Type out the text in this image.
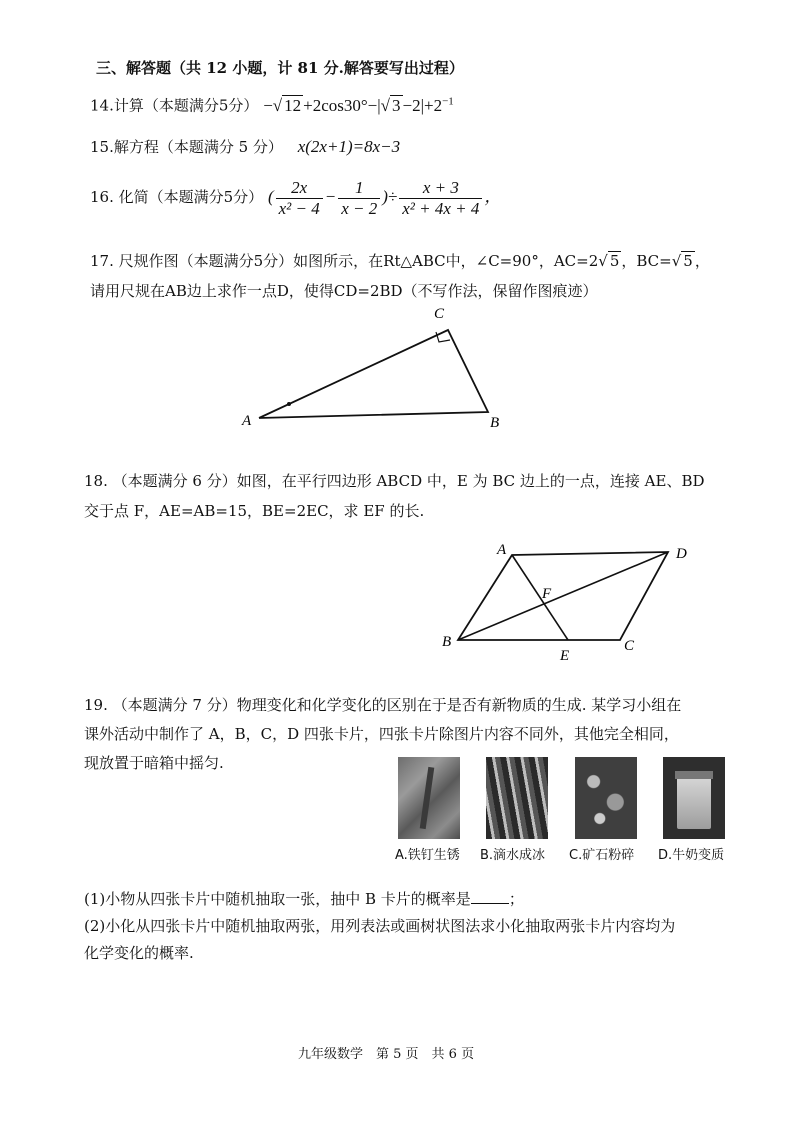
三、解答题（共 12 小题，计 81 分.解答要写出过程）
14.计算（本题满分5分） −√ 12 +2cos30°−|√ $3 -2|+2^{-1}$
15.解方程（本题满分 5 分） x(2x+1)=8x−3
16. 化简（本题满分5分） ( $\frac{2x}{\text{x² − 4}} - \frac{1}{x - 2}$ )÷ $\frac{x + 3}{\text{x² + 4x + 4}}$ ，
17. 尺规作图（本题满分5分）如图所示，在Rt△ABC中，∠C=90°，AC=2√ 5 ，BC=√ 5 ，
请用尺规在AB边上求作一点D，使得CD=2BD（不写作法，保留作图痕迹）
A	B
C
18. （本题满分 6 分）如图，在平行四边形 ABCD 中，E 为 BC 边上的一点，连接 AE、BD
交于点 F，AE=AB=15，BE=2EC，求 EF 的长.
A	D
B	C
E
F
19. （本题满分 7 分）物理变化和化学变化的区别在于是否有新物质的生成. 某学习小组在
课外活动中制作了 A，B，C，D 四张卡片，四张卡片除图片内容不同外，其他完全相同，
现放置于暗箱中摇匀.
A.铁钉生锈 B.滴水成冰 C.矿石粉碎 D.牛奶变质
(1)小物从四张卡片中随机抽取一张，抽中 B 卡片的概率是	；
(2)小化从四张卡片中随机抽取两张，用列表法或画树状图法求小化抽取两张卡片内容均为
化学变化的概率.
九年级数学　第 5 页　共 6 页
